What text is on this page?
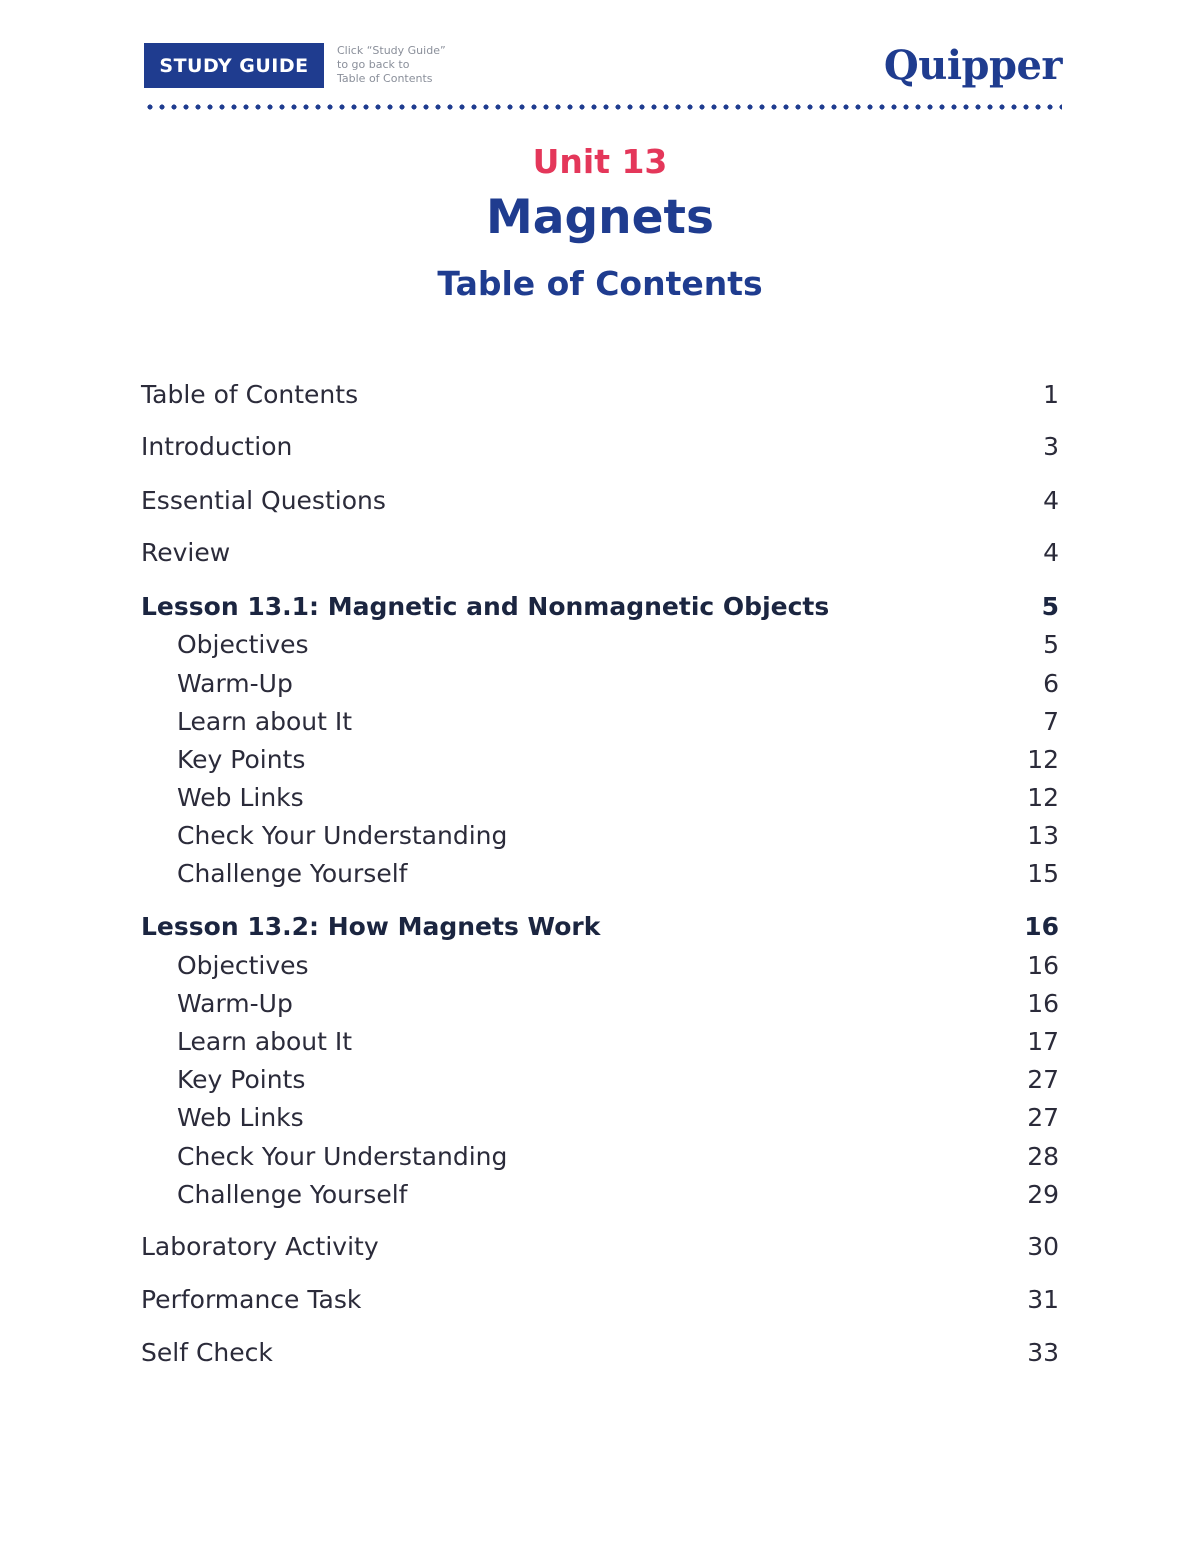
STUDY GUIDE
Click “Study Guide”
to go back to
Table of Contents	Quipper
Unit 13
Magnets
Table of Contents
Table of Contents	1
Introduction	3
Essential Questions	4
Review	4
Lesson 13.1: Magnetic and Nonmagnetic Objects	5
Objectives	5
Warm-Up	6
Learn about It	7
Key Points	12
Web Links	12
Check Your Understanding	13
Challenge Yourself	15
Lesson 13.2: How Magnets Work	16
Objectives	16
Warm-Up	16
Learn about It	17
Key Points	27
Web Links	27
Check Your Understanding	28
Challenge Yourself	29
Laboratory Activity	30
Performance Task	31
Self Check	33
